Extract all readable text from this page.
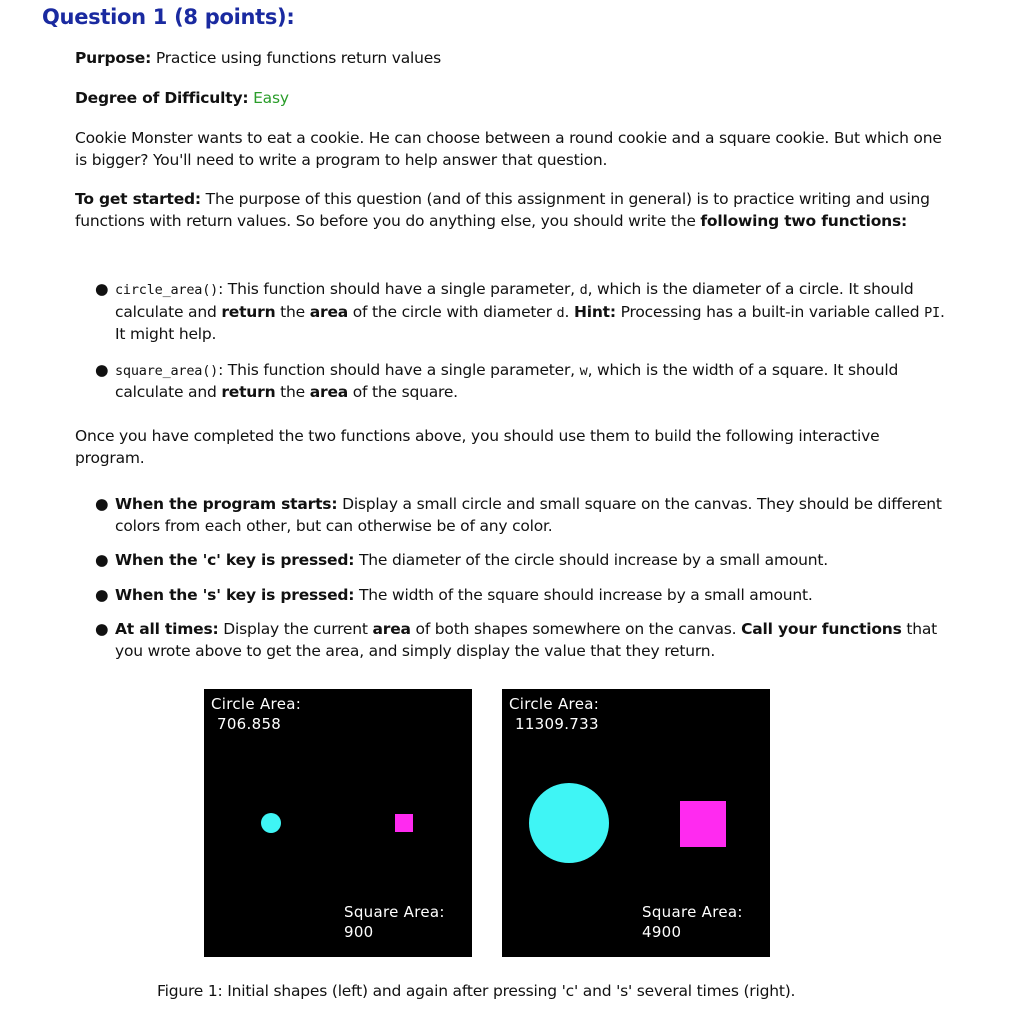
Question 1 (8 points):

Purpose: Practice using functions return values

Degree of Difficulty: Easy

Cookie Monster wants to eat a cookie. He can choose between a round cookie and a square cookie. But which one is bigger? You'll need to write a program to help answer that question.

To get started: The purpose of this question (and of this assignment in general) is to practice writing and using functions with return values. So before you do anything else, you should write the following two functions:

● circle_area(): This function should have a single parameter, d, which is the diameter of a circle. It should calculate and return the area of the circle with diameter d. Hint: Processing has a built-in variable called PI. It might help.
● square_area(): This function should have a single parameter, w, which is the width of a square. It should calculate and return the area of the square.

Once you have completed the two functions above, you should use them to build the following interactive program.

● When the program starts: Display a small circle and small square on the canvas. They should be different colors from each other, but can otherwise be of any color.
● When the 'c' key is pressed: The diameter of the circle should increase by a small amount.
● When the 's' key is pressed: The width of the square should increase by a small amount.
● At all times: Display the current area of both shapes somewhere on the canvas. Call your functions that you wrote above to get the area, and simply display the value that they return.
Circle Area:
706.858
Square Area:
900
Circle Area:
11309.733
Square Area:
4900

Figure 1: Initial shapes (left) and again after pressing 'c' and 's' several times (right).
